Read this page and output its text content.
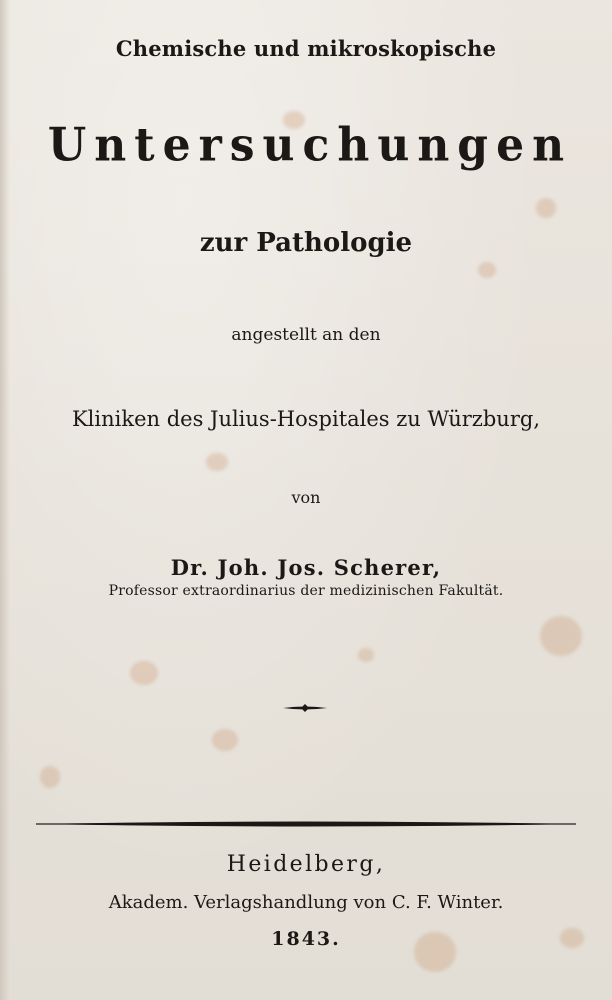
Chemische und mikroskopische
Untersuchungen
zur Pathologie
angestellt an den
Kliniken des Julius-Hospitales zu Würzburg,
von
Dr. Joh. Jos. Scherer,
Professor extraordinarius der medizinischen Fakultät.
Heidelberg,
Akadem. Verlagshandlung von C. F. Winter.
1843.
